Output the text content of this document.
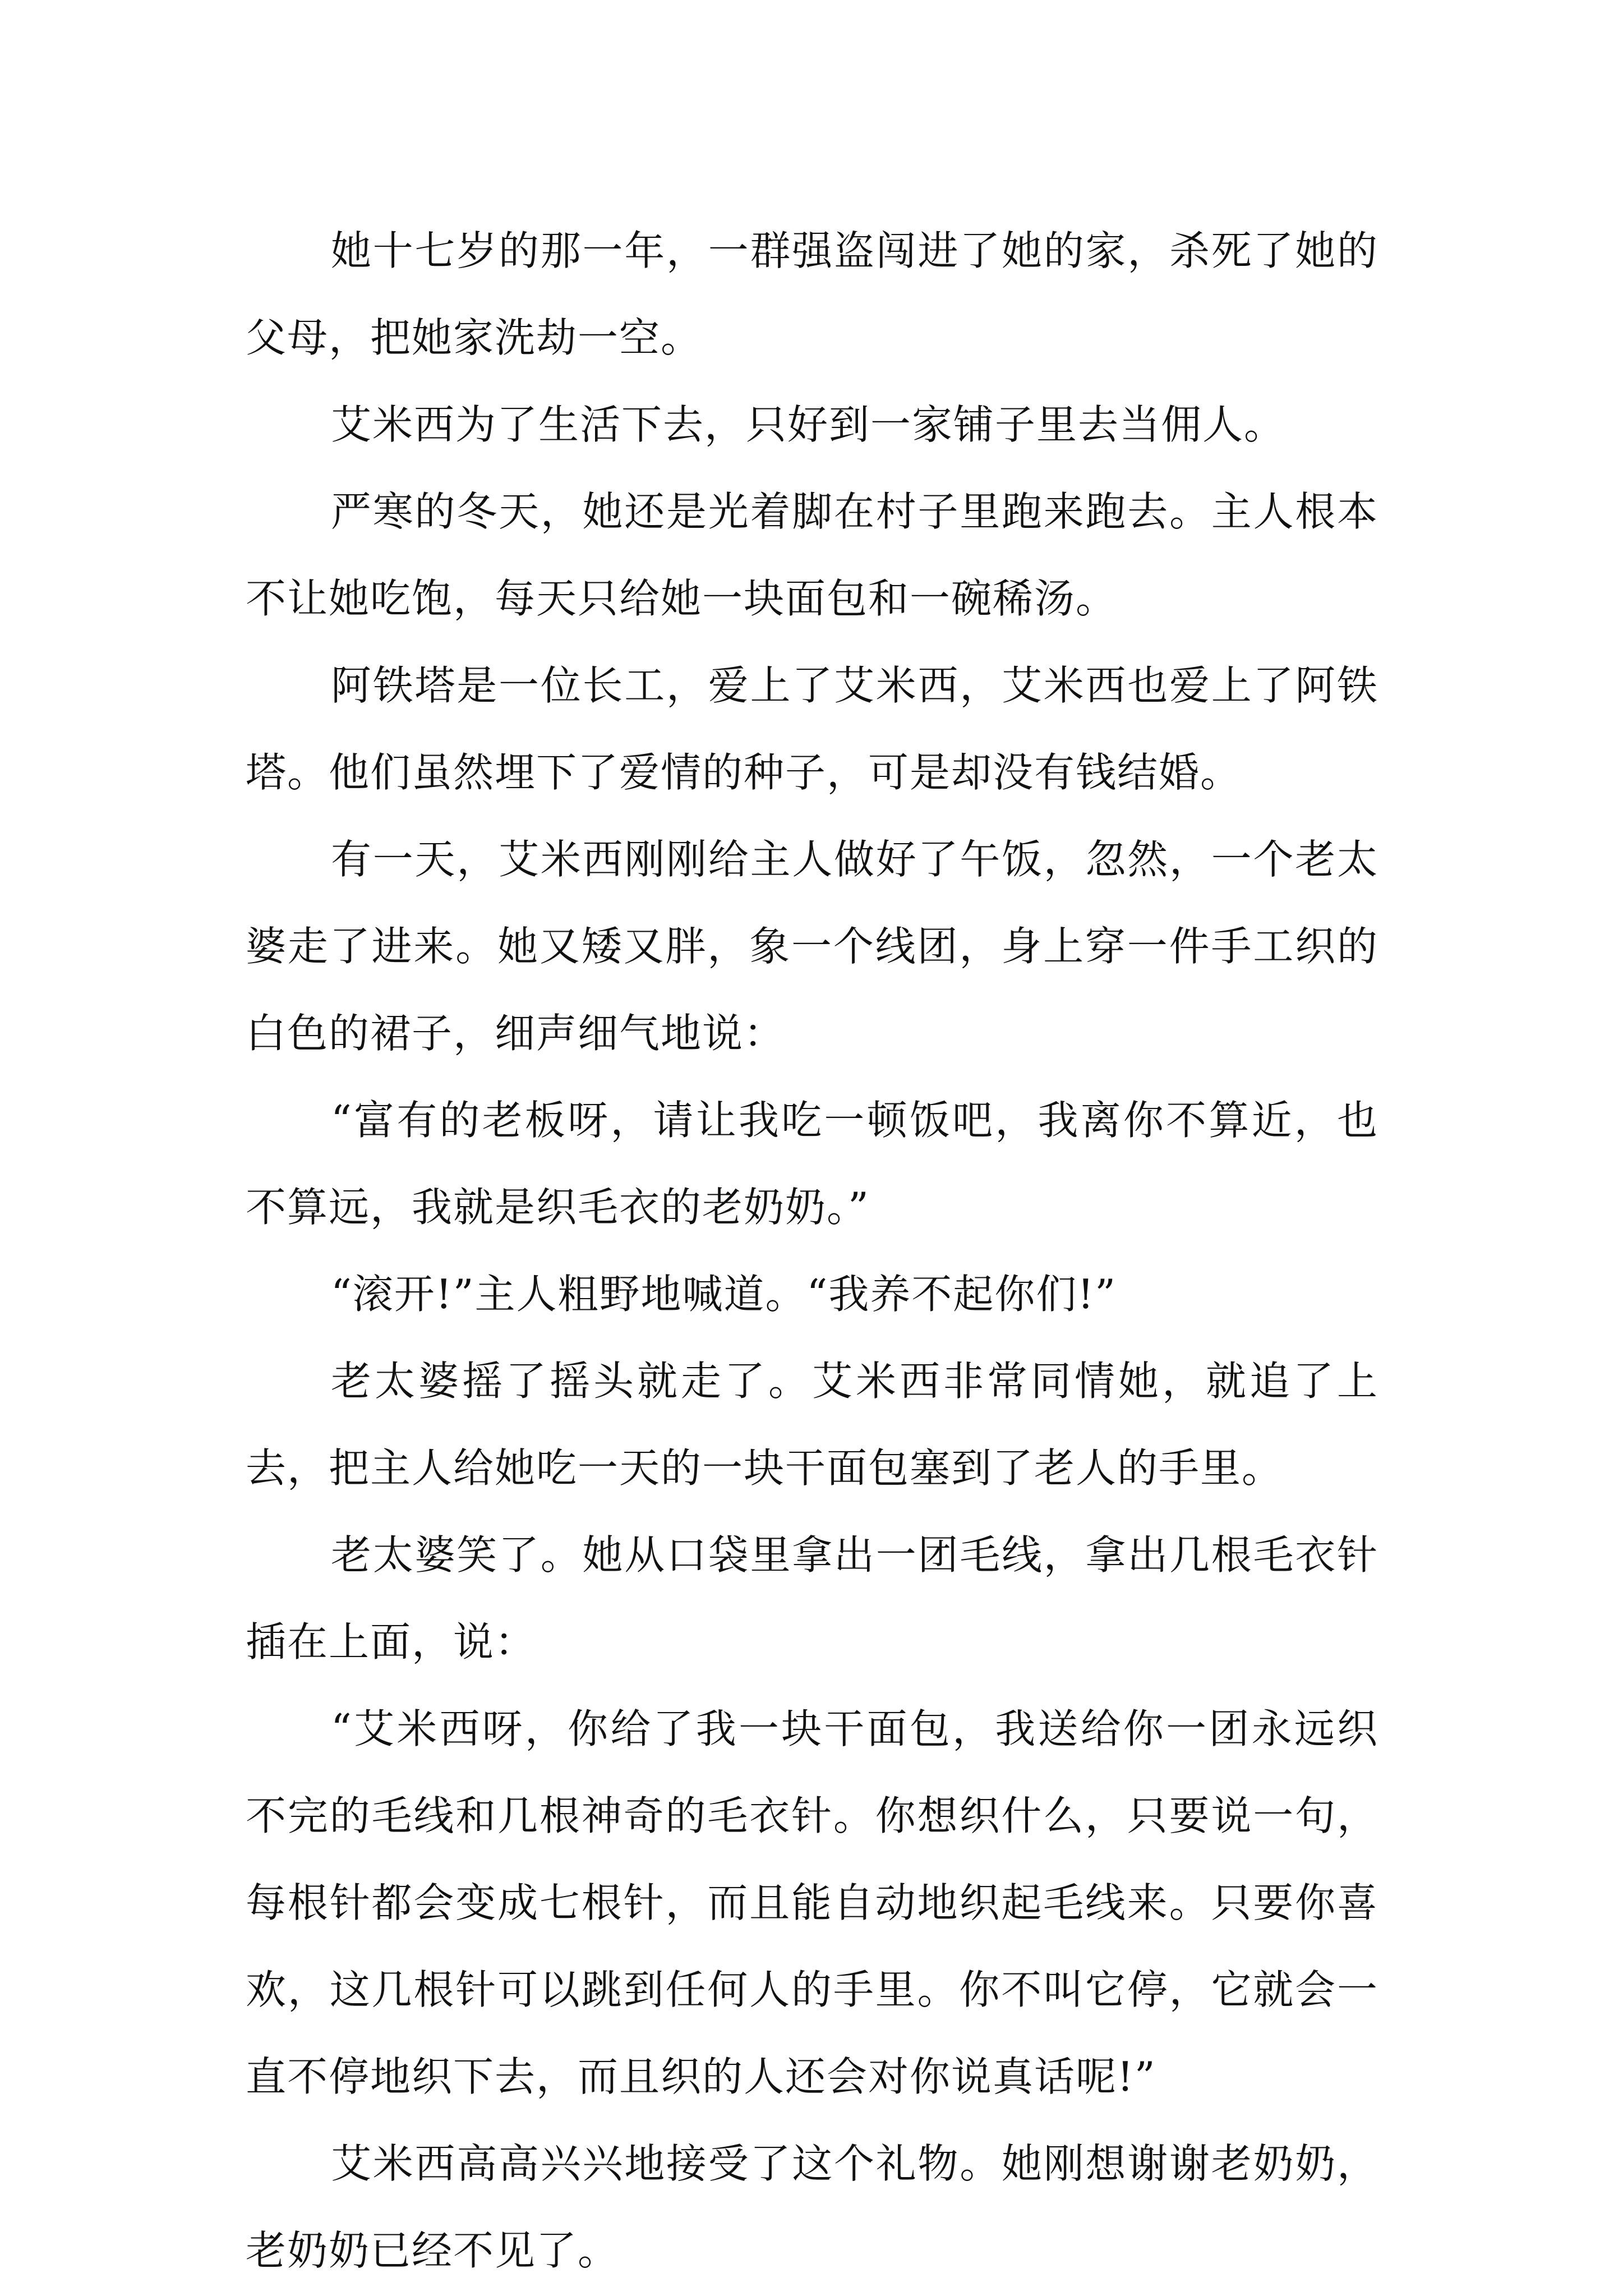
她十七岁的那一年，一群强盗闯进了她的家，杀死了她的父母，把她家洗劫一空。

艾米西为了生活下去，只好到一家铺子里去当佣人。

严寒的冬天，她还是光着脚在村子里跑来跑去。主人根本不让她吃饱，每天只给她一块面包和一碗稀汤。

阿铁塔是一位长工，爱上了艾米西，艾米西也爱上了阿铁塔。他们虽然埋下了爱情的种子，可是却没有钱结婚。

有一天，艾米西刚刚给主人做好了午饭，忽然，一个老太婆走了进来。她又矮又胖，象一个线团，身上穿一件手工织的白色的裙子，细声细气地说：

“富有的老板呀，请让我吃一顿饭吧，我离你不算近，也不算远，我就是织毛衣的老奶奶。”

“滚开!”主人粗野地喊道。“我养不起你们!”

老太婆摇了摇头就走了。艾米西非常同情她，就追了上去，把主人给她吃一天的一块干面包塞到了老人的手里。

老太婆笑了。她从口袋里拿出一团毛线，拿出几根毛衣针插在上面，说：

“艾米西呀，你给了我一块干面包，我送给你一团永远织不完的毛线和几根神奇的毛衣针。你想织什么，只要说一句，每根针都会变成七根针，而且能自动地织起毛线来。只要你喜欢，这几根针可以跳到任何人的手里。你不叫它停，它就会一直不停地织下去，而且织的人还会对你说真话呢!”

艾米西高高兴兴地接受了这个礼物。她刚想谢谢老奶奶，老奶奶已经不见了。
